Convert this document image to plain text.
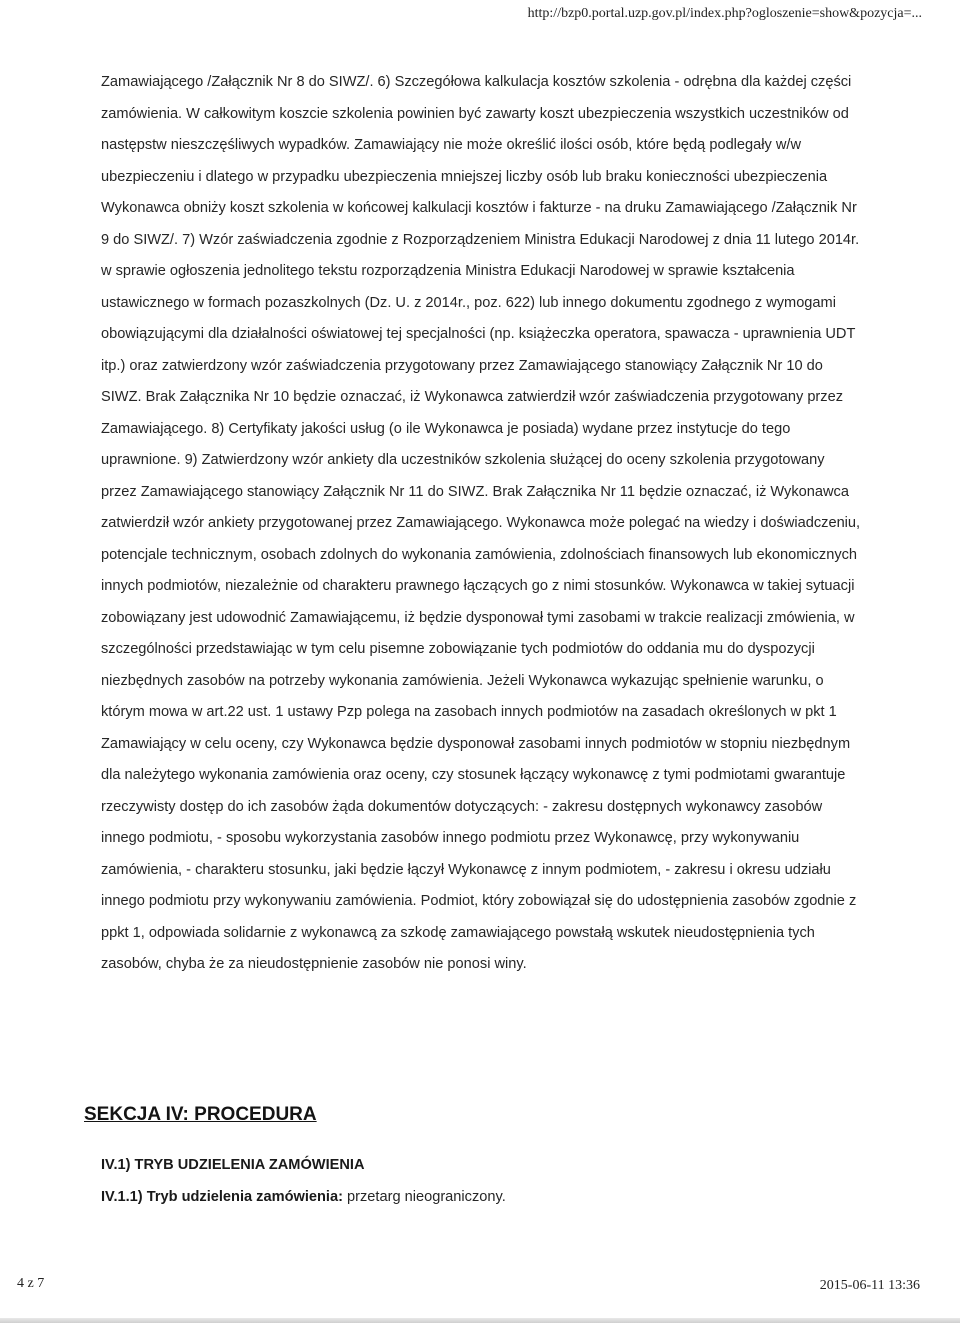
http://bzp0.portal.uzp.gov.pl/index.php?ogloszenie=show&pozycja=...

Zamawiającego /Załącznik Nr 8 do SIWZ/. 6) Szczegółowa kalkulacja kosztów szkolenia - odrębna dla każdej części zamówienia. W całkowitym koszcie szkolenia powinien być zawarty koszt ubezpieczenia wszystkich uczestników od następstw nieszczęśliwych wypadków. Zamawiający nie może określić ilości osób, które będą podlegały w/w ubezpieczeniu i dlatego w przypadku ubezpieczenia mniejszej liczby osób lub braku konieczności ubezpieczenia Wykonawca obniży koszt szkolenia w końcowej kalkulacji kosztów i fakturze - na druku Zamawiającego /Załącznik Nr 9 do SIWZ/. 7) Wzór zaświadczenia zgodnie z Rozporządzeniem Ministra Edukacji Narodowej z dnia 11 lutego 2014r. w sprawie ogłoszenia jednolitego tekstu rozporządzenia Ministra Edukacji Narodowej w sprawie kształcenia ustawicznego w formach pozaszkolnych (Dz. U. z 2014r., poz. 622) lub innego dokumentu zgodnego z wymogami obowiązującymi dla działalności oświatowej tej specjalności (np. książeczka operatora, spawacza - uprawnienia UDT itp.) oraz zatwierdzony wzór zaświadczenia przygotowany przez Zamawiającego stanowiący Załącznik Nr 10 do SIWZ. Brak Załącznika Nr 10 będzie oznaczać, iż Wykonawca zatwierdził wzór zaświadczenia przygotowany przez Zamawiającego. 8) Certyfikaty jakości usług (o ile Wykonawca je posiada) wydane przez instytucje do tego uprawnione. 9) Zatwierdzony wzór ankiety dla uczestników szkolenia służącej do oceny szkolenia przygotowany przez Zamawiającego stanowiący Załącznik Nr 11 do SIWZ. Brak Załącznika Nr 11 będzie oznaczać, iż Wykonawca zatwierdził wzór ankiety przygotowanej przez Zamawiającego. Wykonawca może polegać na wiedzy i doświadczeniu, potencjale technicznym, osobach zdolnych do wykonania zamówienia, zdolnościach finansowych lub ekonomicznych innych podmiotów, niezależnie od charakteru prawnego łączących go z nimi stosunków. Wykonawca w takiej sytuacji zobowiązany jest udowodnić Zamawiającemu, iż będzie dysponował tymi zasobami w trakcie realizacji zmówienia, w szczególności przedstawiając w tym celu pisemne zobowiązanie tych podmiotów do oddania mu do dyspozycji niezbędnych zasobów na potrzeby wykonania zamówienia. Jeżeli Wykonawca wykazując spełnienie warunku, o którym mowa w art.22 ust. 1 ustawy Pzp polega na zasobach innych podmiotów na zasadach określonych w pkt 1 Zamawiający w celu oceny, czy Wykonawca będzie dysponował zasobami innych podmiotów w stopniu niezbędnym dla należytego wykonania zamówienia oraz oceny, czy stosunek łączący wykonawcę z tymi podmiotami gwarantuje rzeczywisty dostęp do ich zasobów żąda dokumentów dotyczących: - zakresu dostępnych wykonawcy zasobów innego podmiotu, - sposobu wykorzystania zasobów innego podmiotu przez Wykonawcę, przy wykonywaniu zamówienia, - charakteru stosunku, jaki będzie łączył Wykonawcę z innym podmiotem, - zakresu i okresu udziału innego podmiotu przy wykonywaniu zamówienia. Podmiot, który zobowiązał się do udostępnienia zasobów zgodnie z ppkt 1, odpowiada solidarnie z wykonawcą za szkodę zamawiającego powstałą wskutek nieudostępnienia tych zasobów, chyba że za nieudostępnienie zasobów nie ponosi winy.

SEKCJA IV: PROCEDURA
IV.1) TRYB UDZIELENIA ZAMÓWIENIA
IV.1.1) Tryb udzielenia zamówienia: przetarg nieograniczony.
4 z 7	2015-06-11 13:36
